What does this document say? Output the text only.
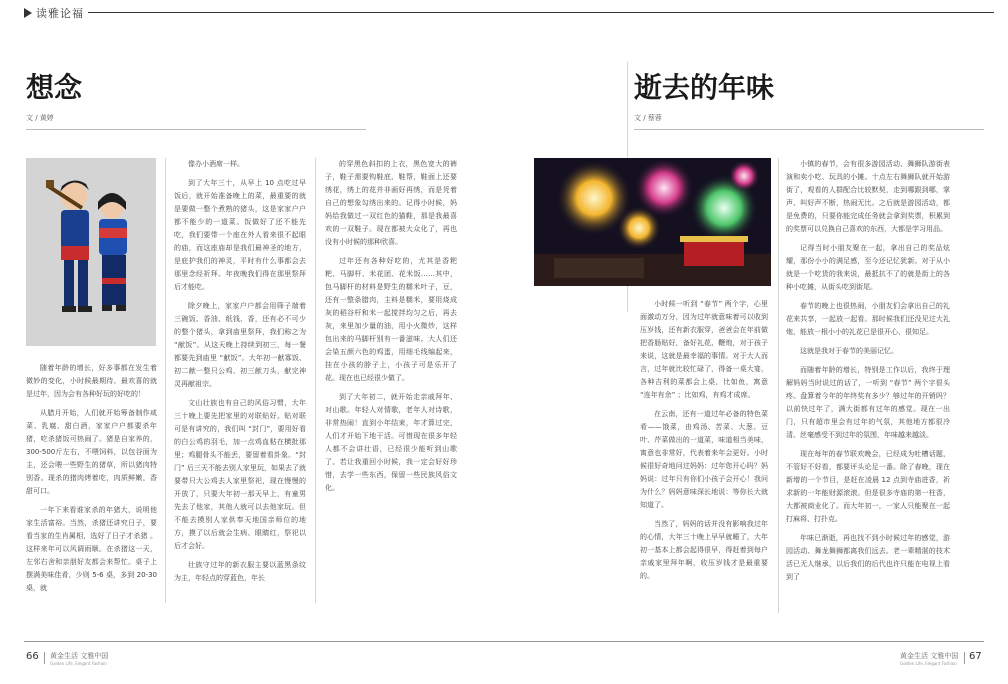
读雅论福
想念
文 / 黄婷

随着年龄的增长，好多事都在发生着微妙的变化，小时候最期待、最欢喜的就是过年，因为会有各种好玩的好吃的！

从腊月开始，人们就开始筹备制作咸菜、乳腐、甜白酒，家家户户都要杀年猪，吃杀猪饭可热闹了。猪是自家养的，300-500斤左右，不喂饲料，以包谷面为主，还会喂一些野生的猪草，所以猪肉特别香。现杀的猪肉烤着吃，肉质鲜嫩，香甜可口。

一年下来看谁家杀的年猪大，说明他家生活富裕。当然，杀猪还讲究日子，要看当家的生肖属相，选好了日子才杀猪 。这样来年可以风调雨顺。在杀猪这一天，左邻右舍和亲朋好友都会来帮忙。桌子上摆满美味佳肴，少则 5-6 桌，多到 20-30 桌，就

像办小酒席一样。

到了大年三十，从早上 10 点吃过早饭后，就开始准备晚上的菜，最重要的就是要做一整个煮熟的猪头，这是家家户户都不能少的一道菜。饭做好了还不能先吃，我们要带一个座在外人看来很不起眼的庙，而这座庙却是我们最神圣的地方，是庇护我们的神灵，平时有什么事都会去那里念经祈拜。年夜晚我们得在那里祭拜后才能吃。

除夕晚上，家家户户都会用筛子端着三碗饭、香油、纸钱、香，还有必不可少的整个猪头，拿到庙里祭拜，我们称之为 “献饭”。从这天晚上持续到初三，每一餐都要先到庙里 “献饭”。大年初一献寡饭、初二献一整只公鸡、初三献刀头，献完神灵再献祖宗。

文山壮族也有自己的风俗习惯，大年三十晚上要先把家里的对联贴好。贴对联可是有讲究的，我们叫 “封门”，要用好看的白公鸡的羽毛，加一点鸡血粘在横批那里；鸡腿骨头不能丢，要留着看卦象。“封门” 后三天不能去别人家里玩，如果去了就要带只大公鸡去人家里祭祀，现在慢慢的开放了，只要大年初一那天早上，有童男先去了他家，其他人就可以去他家玩。但不能去摸别人家供奉天地国亲师位的地方，摸了以后就会生病、眼睛红，祭祀以后才会好。

壮族守过年的新衣服主要以蓝黑条纹为主，年轻点的穿蓝色，年长

的穿黑色斜扣的上衣，黑色宽大的裤子，鞋子需要钩鞋底、鞋帮，鞋面上还要绣花，绣上的花并非画好再绣，而是凭着自己的想象勾绣出来的。记得小时候，妈妈给我做过一双红色的猫鞋，那是我最喜欢的一双鞋子。现在都被大众化了，再也没有小时候的那种欣喜。

过年还有各种好吃的，尤其是香粑粑、马脚杆、米花团、花米饭……其中，包马脚杆的材料是野生的糯米叶子，豆，还有一整条腊肉，主料是糯米，要用烧成灰的稻谷杆和米一起搅拌均匀之后，再去灰，来里加少量的油，用小火微炒，这样包出来的马脚杆别有一番滋味。大人们还会染五颜六色的鸡蛋，用细毛线编起来，挂在小孩的脖子上，小孩子可是乐开了花。现在也已经很少做了。

到了大年初二，就开始走亲戚拜年、对山歌。年轻人对情歌，老年人对诗歌，非常热闹！直到小年结束，年才算过完，人们才开始下地干活。可惜现在很多年轻人都不会讲壮语，已经很少能听到山歌了。若让我重回小时候，我一定会好好珍惜，去学一些东西，保留一些民族风俗文化。

逝去的年味
文 / 蔡蓉

小时候一听到 “春节” 两个字，心里面激动万分，因为过年就意味着可以收到压岁钱，还有新衣服穿，爸爸会在年前做把香肠贴好，备好礼花、鞭炮，对于孩子来说，这就是最幸福的事情。对于大人而言，过年就比较忙碌了，得备一桌大宴，各种吉利的菜都会上桌，比如鱼，寓意 “连年有余” ；比如鸡，有鸡才成席。

在云南，还有一道过年必备的特色菜肴——饿菜，由鸡汤、苦菜、大葱、豆叶、芹菜做出的一道菜，味道相当美味，寓意也非常好，代表着来年会更好。小时候很好奇地问过妈妈：过年您开心吗？妈妈说：过年只有你们小孩子会开心！我问为什么？妈妈意味深长地说：等你长大就知道了。

当然了，妈妈的话并没有影响我过年的心情，大年三十晚上早早就睡了，大年初一基本上都会起得很早，得赶着到每户亲戚家里拜年啊，收压岁钱才是最重要的。

小镇的春节，会有很多游园活动、舞狮队游街表演和卖小吃、玩具的小摊。十点左右舞狮队就开始游街了，观看的人群配合比较默契，走到哪跟到哪，掌声、叫好声不断，热闹无比。之后就是游园活动，都是免费的，只要你能完成任务就会拿到奖票，积累到的奖票可以兑换自己喜欢的东西，大都是学习用品。

记得当时小朋友聚在一起，拿出自己的奖品炫耀，那份小小的满足感，至今还记忆犹新。对于从小就是一个吃货的我来说，最抵抗不了的就是街上的各种小吃摊，从街头吃到街尾。

春节的晚上也很热闹，小朋友们会拿出自己的礼花来共享，一起放一起看。那时候我们还没见过大礼炮，能放一根小小的礼花已是很开心、很知足。

这就是我对于春节的美丽记忆。

而随着年龄的增长，特别是工作以后，我终于理解妈妈当时说过的话了，一听到 “春节” 两个字很头疼。盘算着今年的年终奖有多少？够过年的开销吗？以前快过年了，满大街都有过年的感觉。现在一出门，只有超市里会有过年的气氛，其他地方都很冷清。丝毫感受不到过年的氛围，年味越来越淡。

现在每年的春节联欢晚会，已经成为吐槽话题，不管好不好看，都要评头论足一番。除了春晚，现在新增的一个节目，是赶在凌晨 12 点到寺庙进香，祈求新的一年能财源滚滚。但是很多寺庙的第一柱香，大都被商业化了。而大年初一，一家人只能聚在一起打麻将、打扑克。

年味已渐逝，再也找不到小时候过年的感觉，游园活动、舞龙舞狮都离我们远去。老一辈精湛的技术活已无人继承，以后我们的后代也许只能在电视上看到了

66 黄金生活 文雅中国
Golden Life, Elegant Fashion
黄金生活 文雅中国
Golden Life, Elegant Fashion
67
